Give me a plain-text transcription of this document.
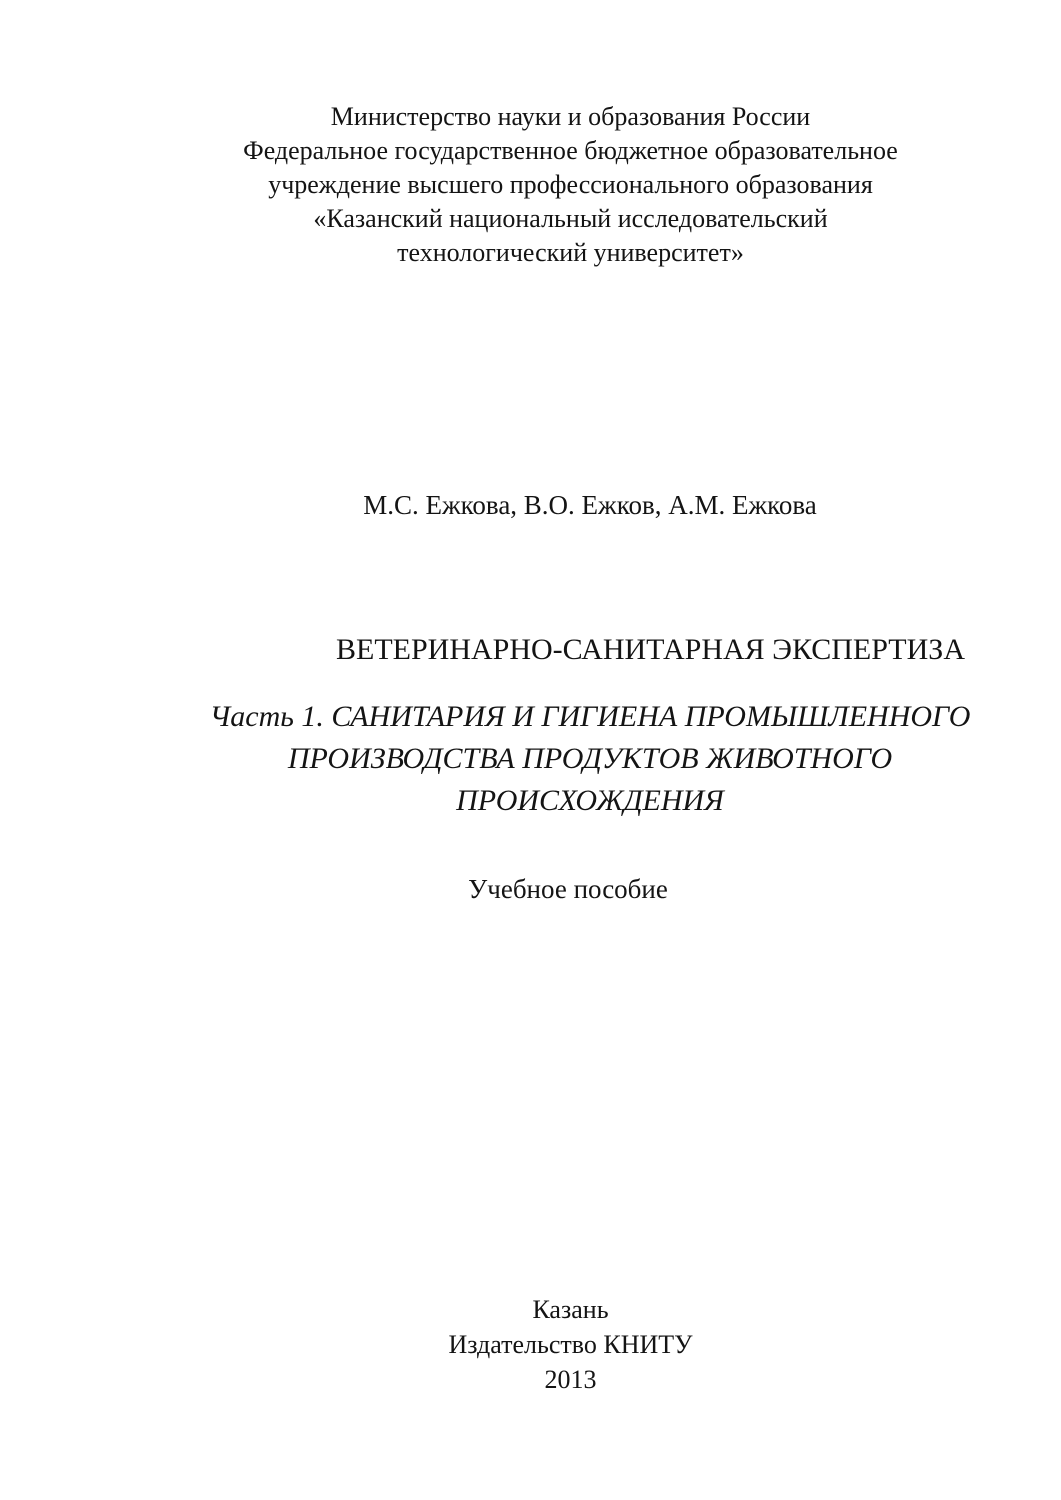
Министерство науки и образования России
Федеральное государственное бюджетное образовательное
учреждение высшего профессионального образования
«Казанский национальный исследовательский
технологический университет»
М.С. Ежкова, В.О. Ежков, А.М. Ежкова
ВЕТЕРИНАРНО-САНИТАРНАЯ ЭКСПЕРТИЗА
Часть 1. САНИТАРИЯ И ГИГИЕНА ПРОМЫШЛЕННОГО
ПРОИЗВОДСТВА ПРОДУКТОВ ЖИВОТНОГО
ПРОИСХОЖДЕНИЯ
Учебное пособие
Казань
Издательство КНИТУ
2013
